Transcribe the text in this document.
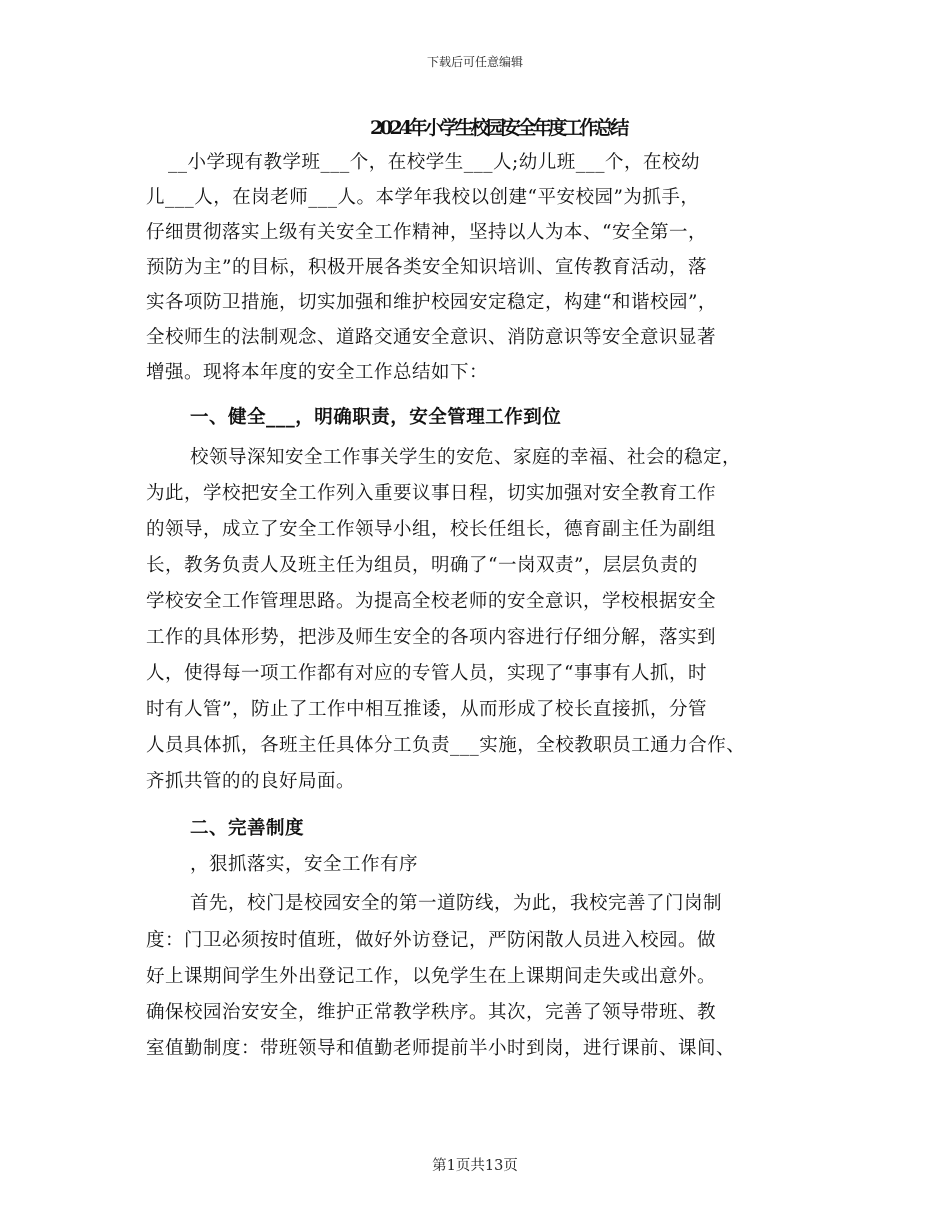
下载后可任意编辑
2024年小学生校园安全年度工作总结
__小学现有教学班___个，在校学生___人;幼儿班___个，在校幼
儿___人，在岗老师___人。本学年我校以创建“平安校园”为抓手，
仔细贯彻落实上级有关安全工作精神，坚持以人为本、“安全第一，
预防为主”的目标，积极开展各类安全知识培训、宣传教育活动，落
实各项防卫措施，切实加强和维护校园安定稳定，构建“和谐校园”，
全校师生的法制观念、道路交通安全意识、消防意识等安全意识显著
增强。现将本年度的安全工作总结如下：
一、健全___，明确职责，安全管理工作到位
校领导深知安全工作事关学生的安危、家庭的幸福、社会的稳定，
为此，学校把安全工作列入重要议事日程，切实加强对安全教育工作
的领导，成立了安全工作领导小组，校长任组长，德育副主任为副组
长，教务负责人及班主任为组员，明确了“一岗双责”，层层负责的
学校安全工作管理思路。为提高全校老师的安全意识，学校根据安全
工作的具体形势，把涉及师生安全的各项内容进行仔细分解，落实到
人，使得每一项工作都有对应的专管人员，实现了“事事有人抓，时
时有人管”，防止了工作中相互推诿，从而形成了校长直接抓，分管
人员具体抓，各班主任具体分工负责___实施，全校教职员工通力合作、
齐抓共管的的良好局面。
二、完善制度
，狠抓落实，安全工作有序
首先，校门是校园安全的第一道防线，为此，我校完善了门岗制
度：门卫必须按时值班，做好外访登记，严防闲散人员进入校园。做
好上课期间学生外出登记工作，以免学生在上课期间走失或出意外。
确保校园治安安全，维护正常教学秩序。其次，完善了领导带班、教
室值勤制度：带班领导和值勤老师提前半小时到岗，进行课前、课间、
第1页共13页
